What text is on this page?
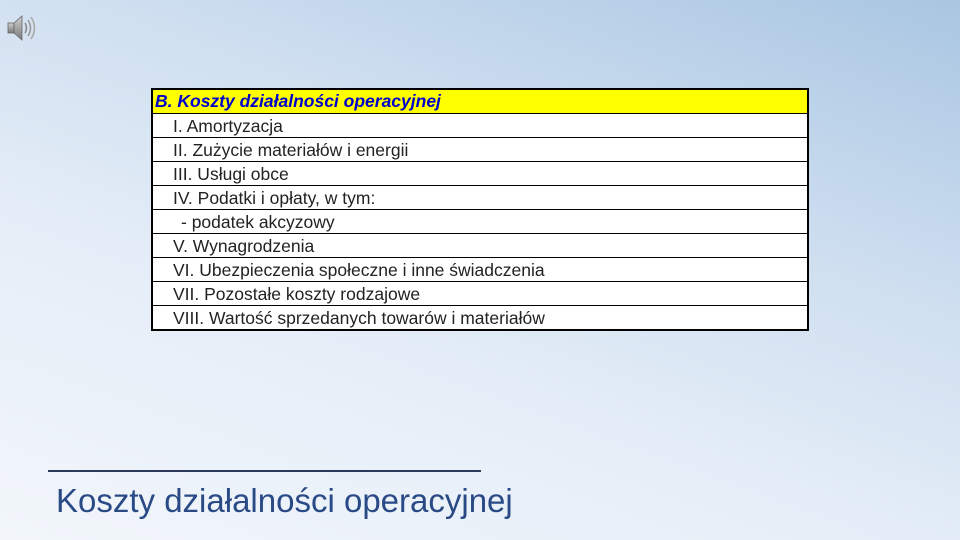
B. Koszty działalności operacyjnej
I. Amortyzacja
II. Zużycie materiałów i energii
III. Usługi obce
IV. Podatki i opłaty, w tym:
- podatek akcyzowy
V. Wynagrodzenia
VI. Ubezpieczenia społeczne i inne świadczenia
VII. Pozostałe koszty rodzajowe
VIII. Wartość sprzedanych towarów i materiałów
Koszty działalności operacyjnej
